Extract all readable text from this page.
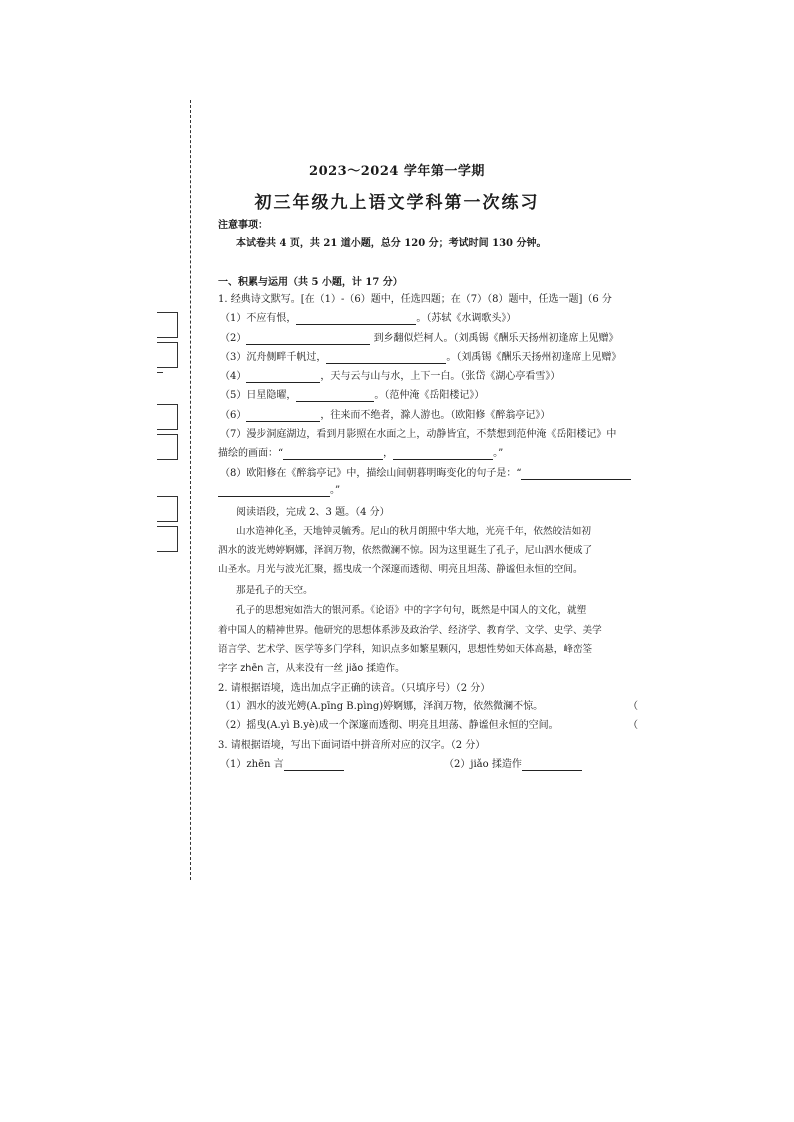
2023～2024 学年第一学期
初三年级九上语文学科第一次练习
注意事项：
本试卷共 4 页，共 21 道小题，总分 120 分；考试时间 130 分钟。
一、积累与运用（共 5 小题，计 17 分）
1. 经典诗文默写。[在（1）-（6）题中，任选四题；在（7）（8）题中，任选一题]（6 分
（1）不应有恨，	。（苏轼《水调歌头》）
（2）	到乡翻似烂柯人。（刘禹锡《酬乐天扬州初逢席上见赠》
（3）沉舟侧畔千帆过，	。（刘禹锡《酬乐天扬州初逢席上见赠》
（4）	，天与云与山与水，上下一白。（张岱《湖心亭看雪》）
（5）日星隐曜，	。（范仲淹《岳阳楼记》）
（6）	，往来而不绝者，滁人游也。（欧阳修《醉翁亭记》）
（7）漫步洞庭湖边，看到月影照在水面之上，动静皆宜，不禁想到范仲淹《岳阳楼记》中
描绘的画面：“	，	。”
（8）欧阳修在《醉翁亭记》中，描绘山间朝暮明晦变化的句子是：“
。”
阅读语段，完成 2、3 题。（4 分）
山水造神化圣，天地钟灵毓秀。尼山的秋月朗照中华大地，光亮千年，依然皎洁如初
泗水的波光娉婷婀娜，泽润万物，依然微澜不惊。因为这里诞生了孔子，尼山泗水便成了
山圣水。月光与波光汇聚，摇曳成一个深邃而透彻、明亮且坦荡、静谧但永恒的空间。
那是孔子的天空。
孔子的思想宛如浩大的银河系。《论语》中的字字句句，既然是中国人的文化，就塑
着中国人的精神世界。他研究的思想体系涉及政治学、经济学、教育学、文学、史学、美学
语言学、艺术学、医学等多门学科，知识点多如繁星颗闪，思想性势如天体高悬，峰峦筌
字字 zhēn 言，从来没有一丝 jiǎo 揉造作。
2. 请根据语境，选出加点字正确的读音。（只填序号）（2 分）
（1）泗水的波光娉(A.pīng B.pìng)婷婀娜，泽润万物，依然微澜不惊。	（
（2）摇曳(A.yì B.yè)成一个深邃而透彻、明亮且坦荡、静谧但永恒的空间。	（
3. 请根据语境，写出下面词语中拼音所对应的汉字。（2 分）
（1）zhēn 言	（2）jiǎo 揉造作
